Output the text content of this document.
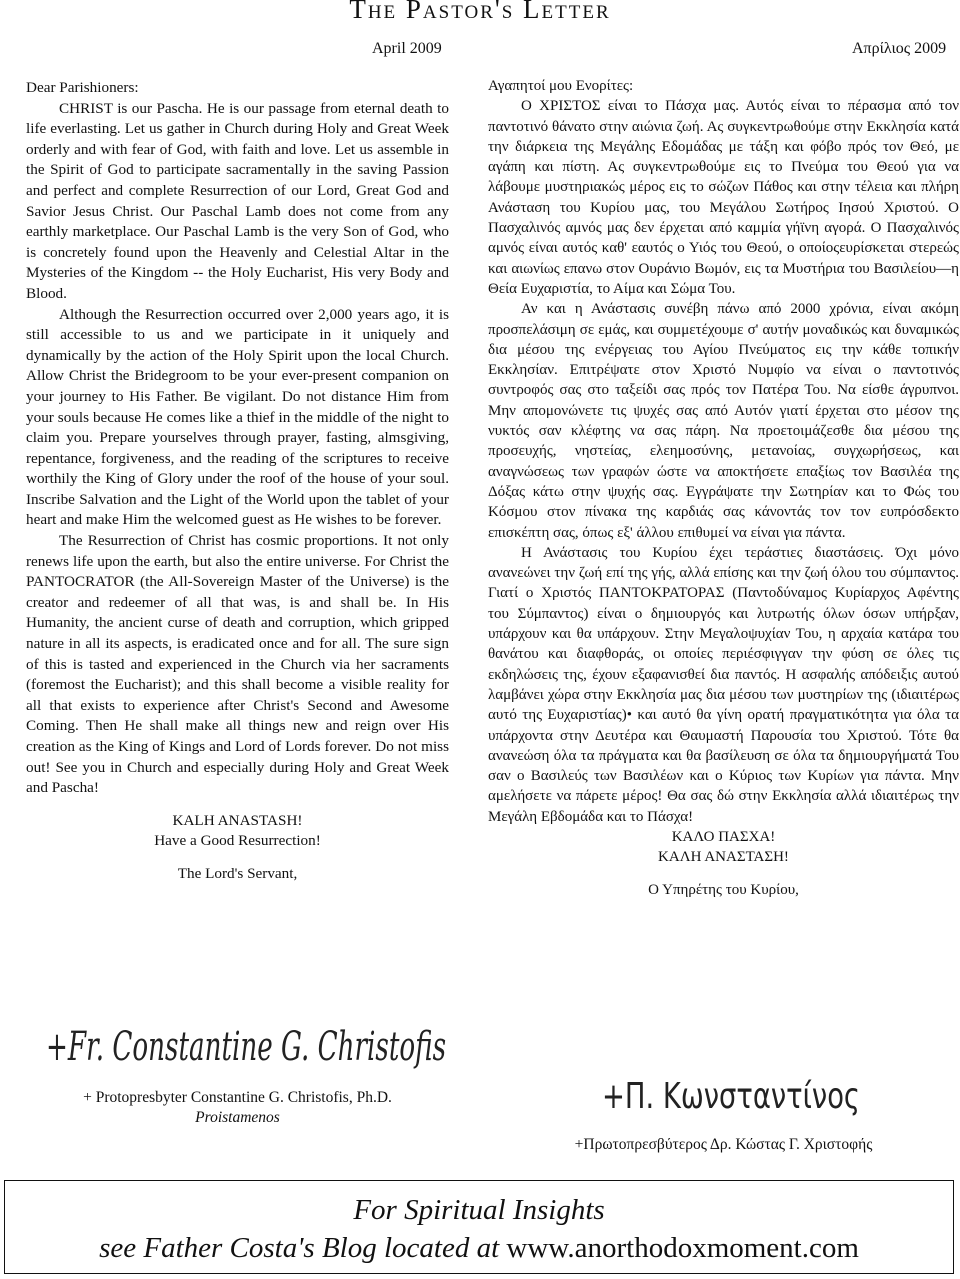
The Pastor's Letter
April 2009	Απρίλιος 2009

Dear Parishioners:

CHRIST is our Pascha. He is our passage from eternal death to life everlasting. Let us gather in Church during Holy and Great Week orderly and with fear of God, with faith and love. Let us assemble in the Spirit of God to participate sacramentally in the saving Passion and perfect and complete Resurrection of our Lord, Great God and Savior Jesus Christ. Our Paschal Lamb does not come from any earthly marketplace. Our Paschal Lamb is the very Son of God, who is concretely found upon the Heavenly and Celestial Altar in the Mysteries of the Kingdom -- the Holy Eucharist, His very Body and Blood.

Although the Resurrection occurred over 2,000 years ago, it is still accessible to us and we participate in it uniquely and dynamically by the action of the Holy Spirit upon the local Church. Allow Christ the Bridegroom to be your ever-present companion on your journey to His Father. Be vigilant. Do not distance Him from your souls because He comes like a thief in the middle of the night to claim you. Prepare yourselves through prayer, fasting, almsgiving, repentance, forgiveness, and the reading of the scriptures to receive worthily the King of Glory under the roof of the house of your soul. Inscribe Salvation and the Light of the World upon the tablet of your heart and make Him the welcomed guest as He wishes to be forever.

The Resurrection of Christ has cosmic proportions. It not only renews life upon the earth, but also the entire universe. For Christ the PANTOCRATOR (the All-Sovereign Master of the Universe) is the creator and redeemer of all that was, is and shall be. In His Humanity, the ancient curse of death and corruption, which gripped nature in all its aspects, is eradicated once and for all. The sure sign of this is tasted and experienced in the Church via her sacraments (foremost the Eucharist); and this shall become a visible reality for all that exists to experience after Christ's Second and Awesome Coming. Then He shall make all things new and reign over His creation as the King of Kings and Lord of Lords forever. Do not miss out! See you in Church and especially during Holy and Great Week and Pascha!

KALH ANASTASH!

Have a Good Resurrection!

The Lord's Servant,

+Fr. Constantine G. Christofis
+ Protopresbyter Constantine G. Christofis, Ph.D.
Proistamenos

Αγαπητοί μου Ενορίτες:

Ο ΧΡΙΣΤΟΣ είναι το Πάσχα μας. Αυτός είναι το πέρασμα από τον παντοτινό θάνατο στην αιώνια ζωή. Ας συγκεντρωθούμε στην Εκκλησία κατά την διάρκεια της Μεγάλης Εδομάδας με τάξη και φόβο πρός τον Θεό, με αγάπη και πίστη. Ας συγκεντρωθούμε εις το Πνεύμα του Θεού για να λάβουμε μυστηριακώς μέρος εις το σώζων Πάθος και στην τέλεια και πλήρη Ανάσταση του Κυρίου μας, του Μεγάλου Σωτήρος Ιησού Χριστού. Ο Πασχαλινός αμνός μας δεν έρχεται από καμμία γήϊνη αγορά. Ο Πασχαλινός αμνός είναι αυτός καθ' εαυτός ο Υιός του Θεού, ο οποίοςευρίσκεται στερεώς και αιωνίως επανω στον Ουράνιο Βωμόν, εις τα Μυστήρια του Βασιλείου—η Θεία Ευχαριστία, το Αίμα και Σώμα Του.

Αν και η Ανάστασις συνέβη πάνω από 2000 χρόνια, είναι ακόμη προσπελάσιμη σε εμάς, και συμμετέχουμε σ' αυτήν μοναδικώς και δυναμικώς δια μέσου της ενέργειας του Αγίου Πνεύματος εις την κάθε τοπικήν Εκκλησίαν. Επιτρέψατε στον Χριστό Νυμφίο να είναι ο παντοτινός συντροφός σας στο ταξείδι σας πρός τον Πατέρα Του. Να είσθε άγρυπνοι. Μην απομονώνετε τις ψυχές σας από Αυτόν γιατί έρχεται στο μέσον της νυκτός σαν κλέφτης να σας πάρη. Να προετοιμάζεσθε δια μέσου της προσευχής, νηστείας, ελεημοσύνης, μετανοίας, συγχωρήσεως, και αναγνώσεως των γραφών ώστε να αποκτήσετε επαξίως τον Βασιλέα της Δόξας κάτω στην ψυχής σας. Εγγράψατε την Σωτηρίαν και το Φώς του Κόσμου στον πίνακα της καρδιάς σας κάνοντάς τον τον ευπρόσδεκτο επισκέπτη σας, όπως εξ' άλλου επιθυμεί να είναι για πάντα.

Η Ανάστασις του Κυρίου έχει τεράστιες διαστάσεις. Όχι μόνο ανανεώνει την ζωή επί της γής, αλλά επίσης και την ζωή όλου του σύμπαντος. Γιατί ο Χριστός ΠΑΝΤΟΚΡΑΤΟΡΑΣ (Παντοδύναμος Κυρίαρχος Αφέντης του Σύμπαντος) είναι ο δημιουργός και λυτρωτής όλων όσων υπήρξαν, υπάρχουν και θα υπάρχουν. Στην Μεγαλοψυχίαν Του, η αρχαία κατάρα του θανάτου και διαφθοράς, οι οποίες περιέσφιγγαν την φύση σε όλες τις εκδηλώσεις της, έχουν εξαφανισθεί δια παντός. Η ασφαλής απόδειξις αυτού λαμβάνει χώρα στην Εκκλησία μας δια μέσου των μυστηρίων της (ιδιαιτέρως αυτό της Ευχαριστίας)• και αυτό θα γίνη ορατή πραγματικότητα για όλα τα υπάρχοντα στην Δευτέρα και Θαυμαστή Παρουσία του Χριστού. Τότε θα ανανεώση όλα τα πράγματα και θα βασίλευση σε όλα τα δημιουργήματά Του σαν ο Βασιλεύς των Βασιλέων και ο Κύριος των Κυρίων για πάντα. Μην αμελήσετε να πάρετε μέρος! Θα σας δώ στην Εκκλησία αλλά ιδιαιτέρως την Μεγάλη Εβδομάδα και το Πάσχα!

ΚΑΛΟ ΠΑΣΧΑ!

ΚΑΛΗ ΑΝΑΣΤΑΣΗ!

Ο Υπηρέτης του Κυρίου,

+Π. Κωνσταντίνος
+Πρωτοπρεσβύτερος Δρ. Κώστας Γ. Χριστοφής
For Spiritual Insights
see Father Costa's Blog located at www.anorthodoxmoment.com
